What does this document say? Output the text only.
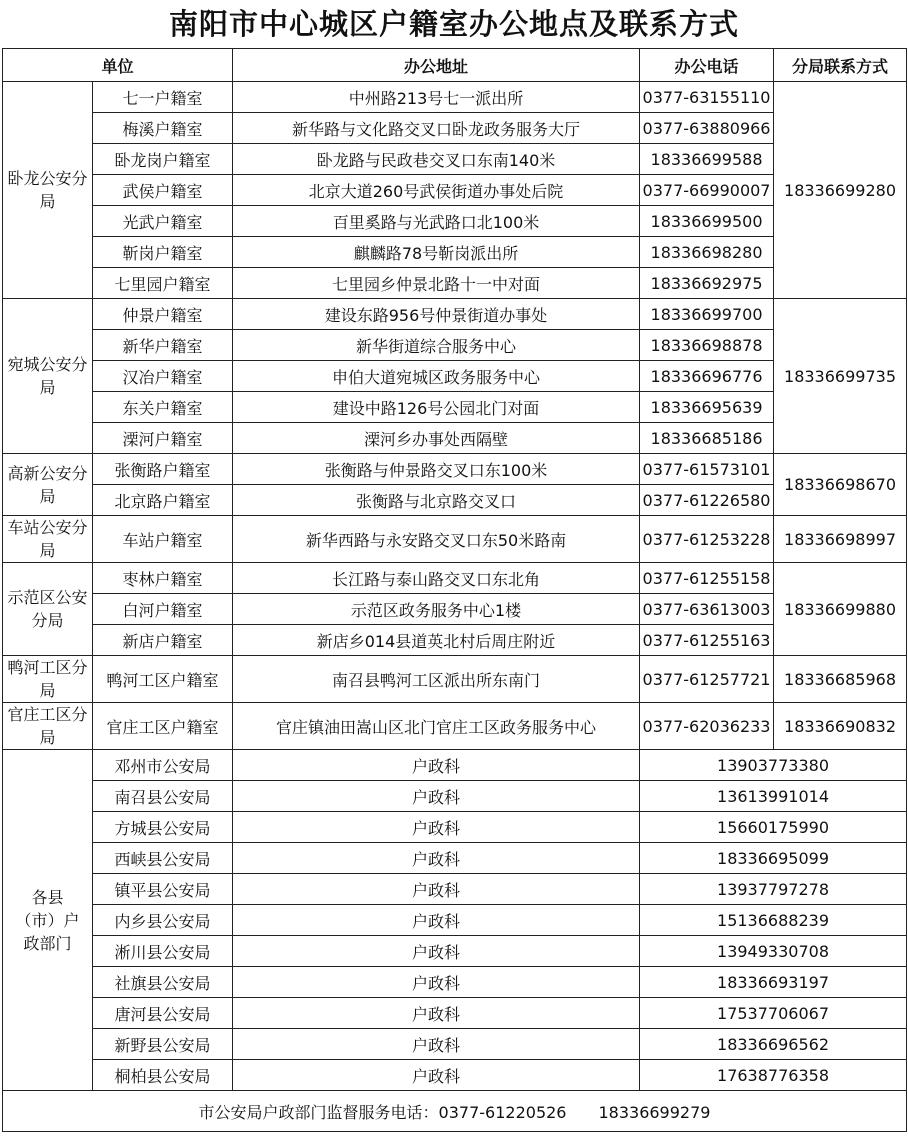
南阳市中心城区户籍室办公地点及联系方式
单位		办公地址	办公电话	分局联系方式
卧龙公安分局	七一户籍室	中州路213号七一派出所	0377-63155110	18336699280
	梅溪户籍室	新华路与文化路交叉口卧龙政务服务大厅	0377-63880966	
	卧龙岗户籍室	卧龙路与民政巷交叉口东南140米	18336699588	
	武侯户籍室	北京大道260号武侯街道办事处后院	0377-66990007	
	光武户籍室	百里奚路与光武路口北100米	18336699500	
	靳岗户籍室	麒麟路78号靳岗派出所	18336698280	
	七里园户籍室	七里园乡仲景北路十一中对面	18336692975	
宛城公安分局	仲景户籍室	建设东路956号仲景街道办事处	18336699700	18336699735
	新华户籍室	新华街道综合服务中心	18336698878	
	汉冶户籍室	申伯大道宛城区政务服务中心	18336696776	
	东关户籍室	建设中路126号公园北门对面	18336695639	
	溧河户籍室	溧河乡办事处西隔壁	18336685186	
高新公安分局	张衡路户籍室	张衡路与仲景路交叉口东100米	0377-61573101	18336698670
	北京路户籍室	张衡路与北京路交叉口	0377-61226580	
车站公安分局	车站户籍室	新华西路与永安路交叉口东50米路南	0377-61253228	18336698997
示范区公安分局	枣林户籍室	长江路与泰山路交叉口东北角	0377-61255158	18336699880
	白河户籍室	示范区政务服务中心1楼	0377-63613003	
	新店户籍室	新店乡014县道英北村后周庄附近	0377-61255163	
鸭河工区分局	鸭河工区户籍室	南召县鸭河工区派出所东南门	0377-61257721	18336685968
官庄工区分局	官庄工区户籍室	官庄镇油田嵩山区北门官庄工区政务服务中心	0377-62036233	18336690832
各县（市）户政部门	邓州市公安局	户政科	13903773380	
	南召县公安局	户政科	13613991014	
	方城县公安局	户政科	15660175990	
	西峡县公安局	户政科	18336695099	
	镇平县公安局	户政科	13937797278	
	内乡县公安局	户政科	15136688239	
	淅川县公安局	户政科	13949330708	
	社旗县公安局	户政科	18336693197	
	唐河县公安局	户政科	17537706067	
	新野县公安局	户政科	18336696562	
	桐柏县公安局	户政科	17638776358	
市公安局户政部门监督服务电话：0377-61220526　　18336699279				
